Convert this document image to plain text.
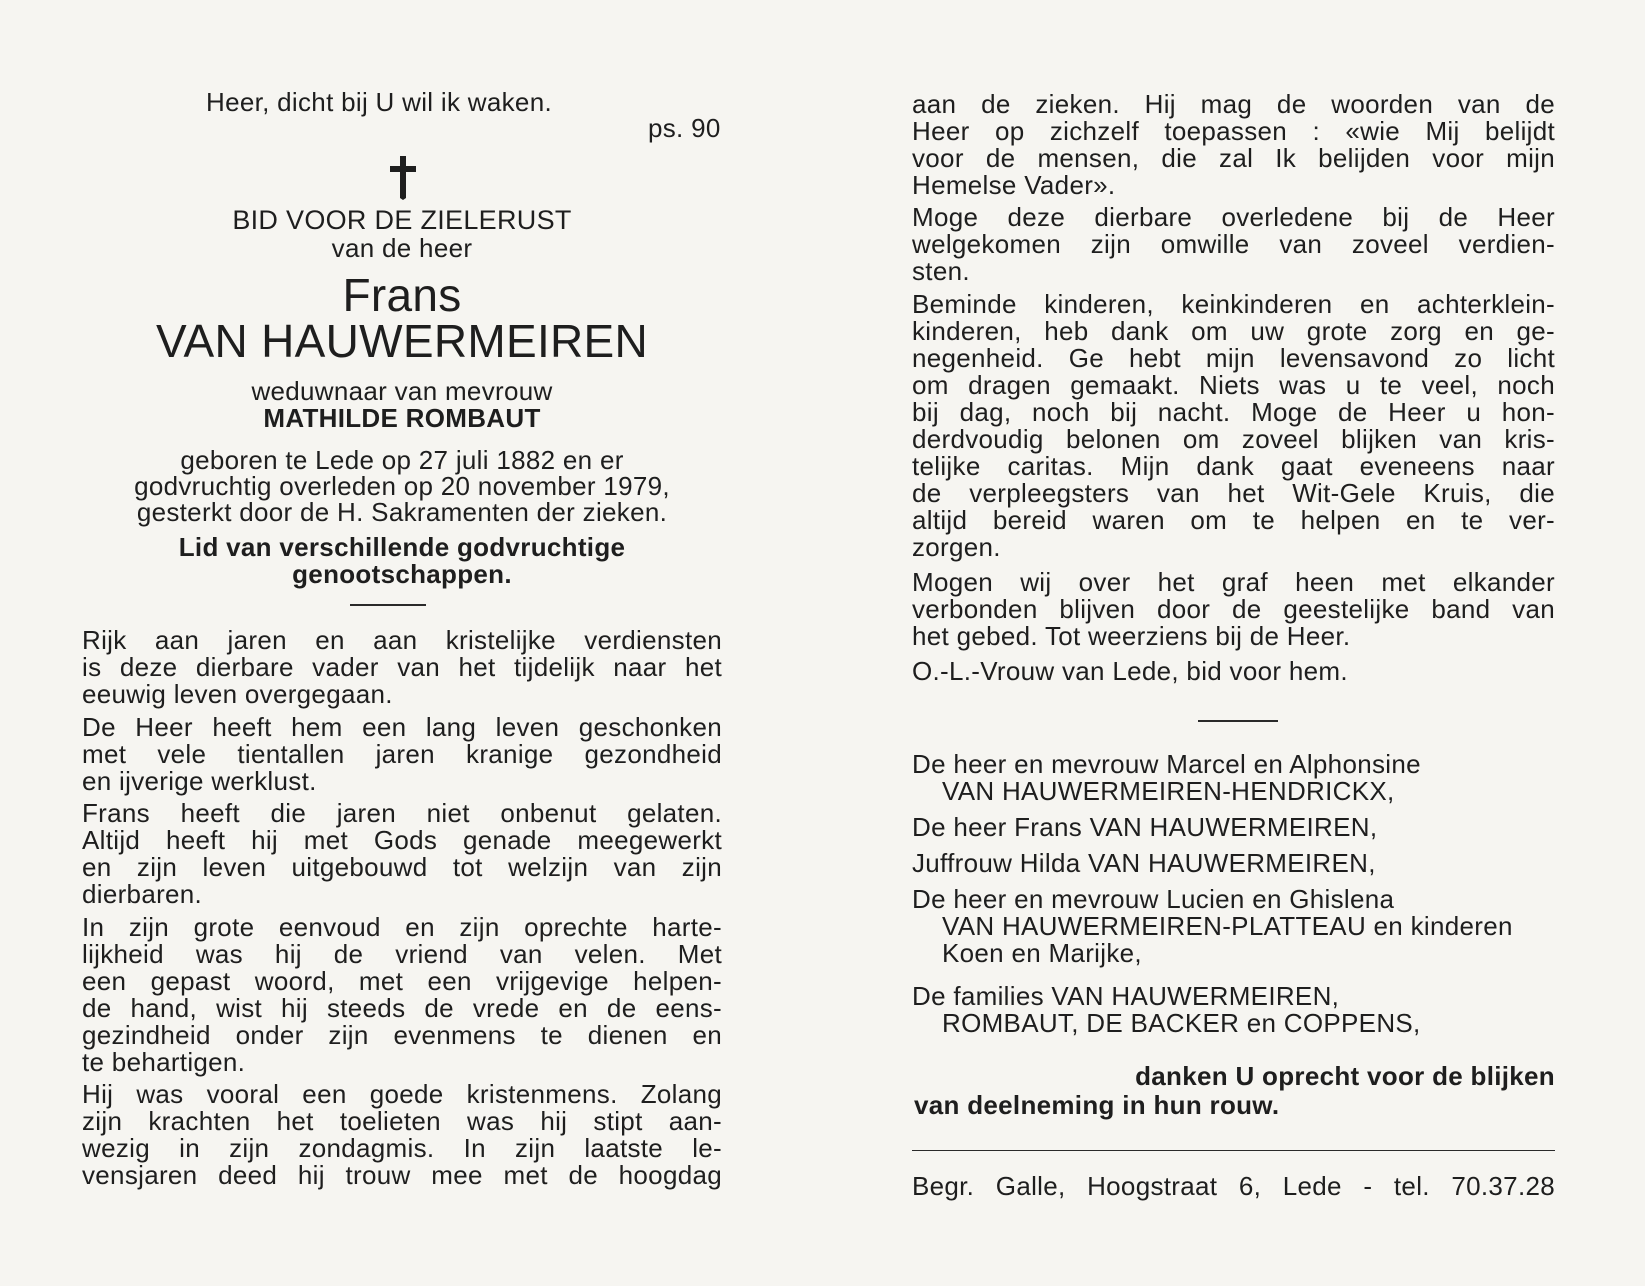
Heer, dicht bij U wil ik waken.
ps. 90
BID VOOR DE ZIELERUST
van de heer
Frans
VAN HAUWERMEIREN
weduwnaar van mevrouw
MATHILDE ROMBAUT
geboren te Lede op 27 juli 1882 en er
godvruchtig overleden op 20 november 1979,
gesterkt door de H. Sakramenten der zieken.
Lid van verschillende godvruchtige
genootschappen.
Rijk aan jaren en aan kristelijke verdiensten
is deze dierbare vader van het tijdelijk naar het
eeuwig leven overgegaan.
De Heer heeft hem een lang leven geschonken
met vele tientallen jaren kranige gezondheid
en ijverige werklust.
Frans heeft die jaren niet onbenut gelaten.
Altijd heeft hij met Gods genade meegewerkt
en zijn leven uitgebouwd tot welzijn van zijn
dierbaren.
In zijn grote eenvoud en zijn oprechte harte-
lijkheid was hij de vriend van velen. Met
een gepast woord, met een vrijgevige helpen-
de hand, wist hij steeds de vrede en de eens-
gezindheid onder zijn evenmens te dienen en
te behartigen.
Hij was vooral een goede kristenmens. Zolang
zijn krachten het toelieten was hij stipt aan-
wezig in zijn zondagmis. In zijn laatste le-
vensjaren deed hij trouw mee met de hoogdag
aan de zieken. Hij mag de woorden van de
Heer op zichzelf toepassen : «wie Mij belijdt
voor de mensen, die zal Ik belijden voor mijn
Hemelse Vader».
Moge deze dierbare overledene bij de Heer
welgekomen zijn omwille van zoveel verdien-
sten.
Beminde kinderen, keinkinderen en achterklein-
kinderen, heb dank om uw grote zorg en ge-
negenheid. Ge hebt mijn levensavond zo licht
om dragen gemaakt. Niets was u te veel, noch
bij dag, noch bij nacht. Moge de Heer u hon-
derdvoudig belonen om zoveel blijken van kris-
telijke caritas. Mijn dank gaat eveneens naar
de verpleegsters van het Wit-Gele Kruis, die
altijd bereid waren om te helpen en te ver-
zorgen.
Mogen wij over het graf heen met elkander
verbonden blijven door de geestelijke band van
het gebed. Tot weerziens bij de Heer.
O.-L.-Vrouw van Lede, bid voor hem.
De heer en mevrouw Marcel en Alphonsine
VAN HAUWERMEIREN-HENDRICKX,
De heer Frans VAN HAUWERMEIREN,
Juffrouw Hilda VAN HAUWERMEIREN,
De heer en mevrouw Lucien en Ghislena
VAN HAUWERMEIREN-PLATTEAU en kinderen
Koen en Marijke,
De families VAN HAUWERMEIREN,
ROMBAUT, DE BACKER en COPPENS,
danken U oprecht voor de blijken
van deelneming in hun rouw.
Begr. Galle, Hoogstraat 6, Lede - tel. 70.37.28
